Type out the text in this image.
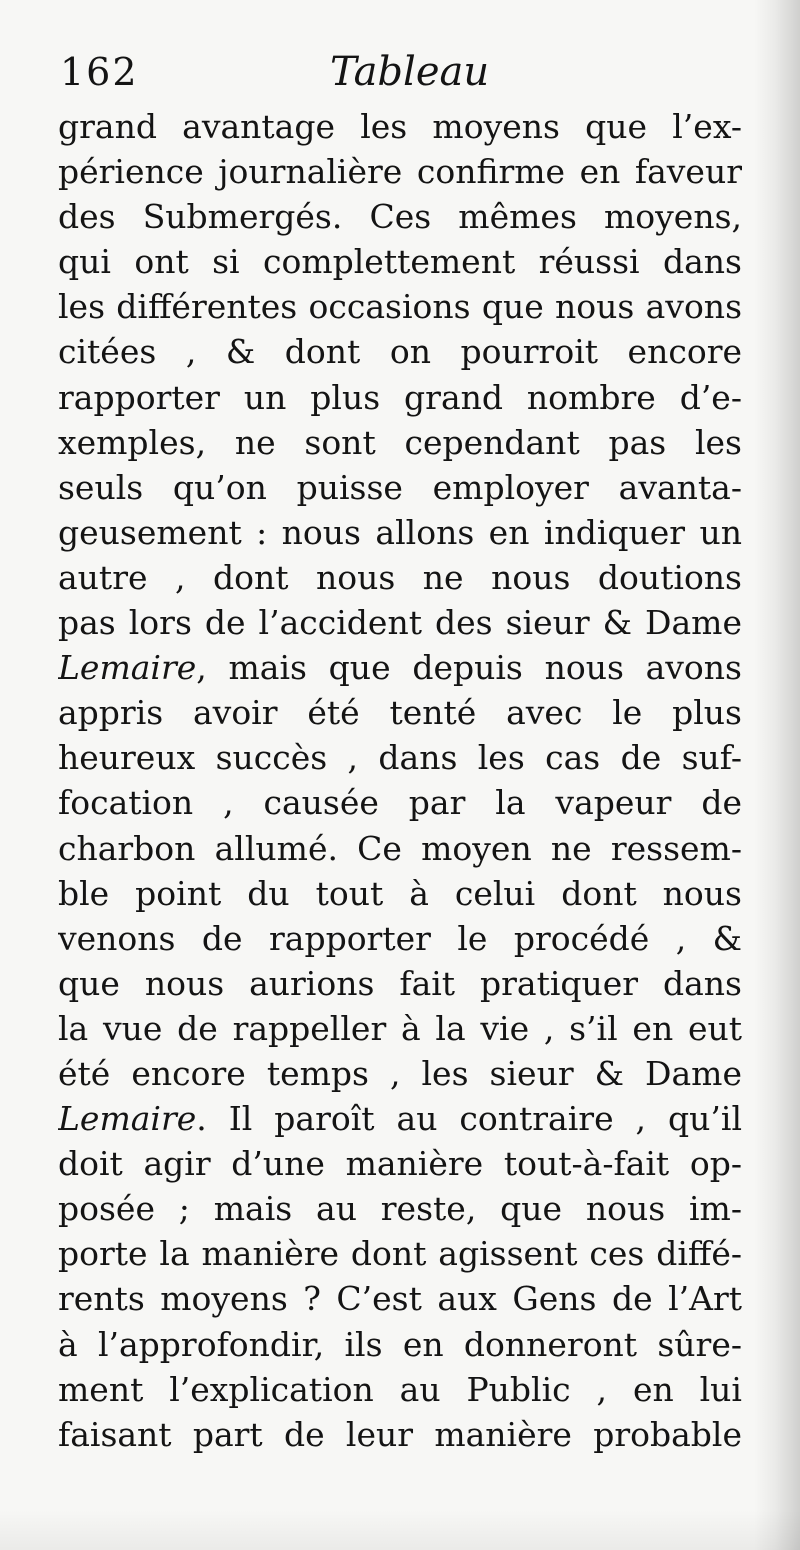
162	Tableau
grand avantage les moyens que l’ex-
périence journalière confirme en faveur
des Submergés. Ces mêmes moyens,
qui ont si complettement réussi dans
les différentes occasions que nous avons
citées , & dont on pourroit encore
rapporter un plus grand nombre d’e-
xemples, ne sont cependant pas les
seuls qu’on puisse employer avanta-
geusement : nous allons en indiquer un
autre , dont nous ne nous doutions
pas lors de l’accident des sieur & Dame
Lemaire, mais que depuis nous avons
appris avoir été tenté avec le plus
heureux succès , dans les cas de suf-
focation , causée par la vapeur de
charbon allumé. Ce moyen ne ressem-
ble point du tout à celui dont nous
venons de rapporter le procédé , &
que nous aurions fait pratiquer dans
la vue de rappeller à la vie , s’il en eut
été encore temps , les sieur & Dame
Lemaire. Il paroît au contraire , qu’il
doit agir d’une manière tout-à-fait op-
posée ; mais au reste, que nous im-
porte la manière dont agissent ces diffé-
rents moyens ? C’est aux Gens de l’Art
à l’approfondir, ils en donneront sûre-
ment l’explication au Public , en lui
faisant part de leur manière probable
